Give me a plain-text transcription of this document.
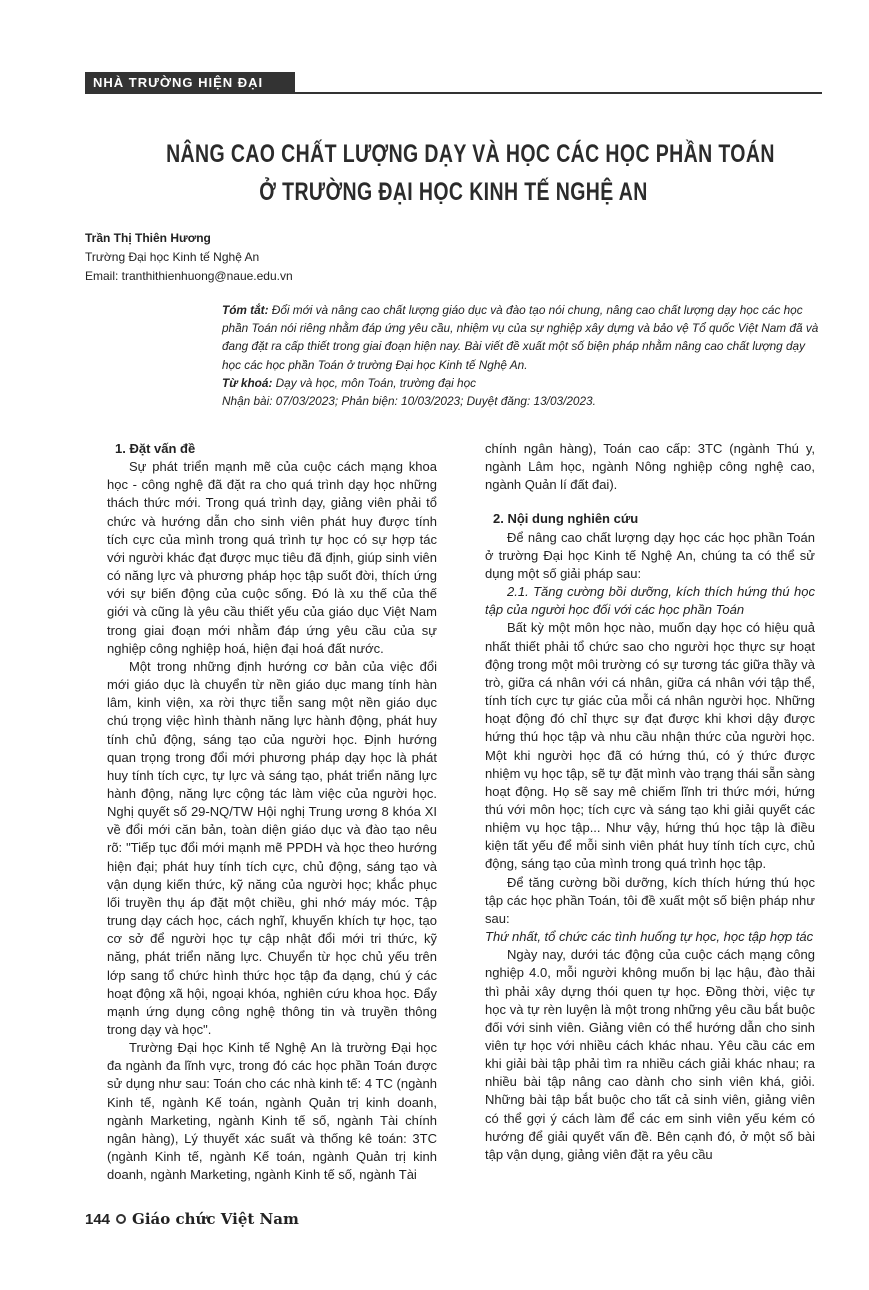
NHÀ TRƯỜNG HIỆN ĐẠI
NÂNG CAO CHẤT LƯỢNG DẠY VÀ HỌC CÁC HỌC PHẦN TOÁN
Ở TRƯỜNG ĐẠI HỌC KINH TẾ NGHỆ AN
Trần Thị Thiên Hương
Trường Đại học Kinh tế Nghệ An
Email: tranthithienhuong@naue.edu.vn
Tóm tắt: Đổi mới và nâng cao chất lượng giáo dục và đào tạo nói chung, nâng cao chất lượng dạy học các học phần Toán nói riêng nhằm đáp ứng yêu cầu, nhiệm vụ của sự nghiệp xây dựng và bảo vệ Tổ quốc Việt Nam đã và đang đặt ra cấp thiết trong giai đoạn hiện nay. Bài viết đề xuất một số biện pháp nhằm nâng cao chất lượng dạy học các học phần Toán ở trường Đại học Kinh tế Nghệ An.
Từ khoá: Dạy và học, môn Toán, trường đại học
Nhận bài: 07/03/2023; Phản biện: 10/03/2023; Duyệt đăng: 13/03/2023.

1. Đặt vấn đề

Sự phát triển mạnh mẽ của cuộc cách mạng khoa học - công nghệ đã đặt ra cho quá trình dạy học những thách thức mới. Trong quá trình dạy, giảng viên phải tổ chức và hướng dẫn cho sinh viên phát huy được tính tích cực của mình trong quá trình tự học có sự hợp tác với người khác đạt được mục tiêu đã định, giúp sinh viên có năng lực và phương pháp học tập suốt đời, thích ứng với sự biến động của cuộc sống. Đó là xu thế của thế giới và cũng là yêu cầu thiết yếu của giáo dục Việt Nam trong giai đoạn mới nhằm đáp ứng yêu cầu của sự nghiệp công nghiệp hoá, hiện đại hoá đất nước.

Một trong những định hướng cơ bản của việc đổi mới giáo dục là chuyển từ nền giáo dục mang tính hàn lâm, kinh viện, xa rời thực tiễn sang một nền giáo dục chú trọng việc hình thành năng lực hành động, phát huy tính chủ động, sáng tạo của người học. Định hướng quan trọng trong đổi mới phương pháp dạy học là phát huy tính tích cực, tự lực và sáng tạo, phát triển năng lực hành động, năng lực cộng tác làm việc của người học. Nghị quyết số 29-NQ/TW Hội nghị Trung ương 8 khóa XI về đổi mới căn bản, toàn diện giáo dục và đào tạo nêu rõ: "Tiếp tục đổi mới mạnh mẽ PPDH và học theo hướng hiện đại; phát huy tính tích cực, chủ động, sáng tạo và vận dụng kiến thức, kỹ năng của người học; khắc phục lối truyền thụ áp đặt một chiều, ghi nhớ máy móc. Tập trung dạy cách học, cách nghĩ, khuyến khích tự học, tạo cơ sở để người học tự cập nhật đổi mới tri thức, kỹ năng, phát triển năng lực. Chuyển từ học chủ yếu trên lớp sang tổ chức hình thức học tập đa dạng, chú ý các hoạt động xã hội, ngoại khóa, nghiên cứu khoa học. Đẩy mạnh ứng dụng công nghệ thông tin và truyền thông trong dạy và học".

Trường Đại học Kinh tế Nghệ An là trường Đại học đa ngành đa lĩnh vực, trong đó các học phần Toán được sử dụng như sau: Toán cho các nhà kinh tế: 4 TC (ngành Kinh tế, ngành Kế toán, ngành Quản trị kinh doanh, ngành Marketing, ngành Kinh tế số, ngành Tài chính ngân hàng), Lý thuyết xác suất và thống kê toán: 3TC (ngành Kinh tế, ngành Kế toán, ngành Quản trị kinh doanh, ngành Marketing, ngành Kinh tế số, ngành Tài

chính ngân hàng), Toán cao cấp: 3TC (ngành Thú y, ngành Lâm học, ngành Nông nghiệp công nghệ cao, ngành Quản lí đất đai).

2. Nội dung nghiên cứu

Để nâng cao chất lượng dạy học các học phần Toán ở trường Đại học Kinh tế Nghệ An, chúng ta có thể sử dụng một số giải pháp sau:

2.1. Tăng cường bồi dưỡng, kích thích hứng thú học tập của người học đối với các học phần Toán

Bất kỳ một môn học nào, muốn dạy học có hiệu quả nhất thiết phải tổ chức sao cho người học thực sự hoạt động trong một môi trường có sự tương tác giữa thầy và trò, giữa cá nhân với cá nhân, giữa cá nhân với tập thể, tính tích cực tự giác của mỗi cá nhân người học. Những hoạt động đó chỉ thực sự đạt được khi khơi dậy được hứng thú học tập và nhu cầu nhận thức của người học. Một khi người học đã có hứng thú, có ý thức được nhiệm vụ học tập, sẽ tự đặt mình vào trạng thái sẵn sàng hoạt động. Họ sẽ say mê chiếm lĩnh tri thức mới, hứng thú với môn học; tích cực và sáng tạo khi giải quyết các nhiệm vụ học tập... Như vậy, hứng thú học tập là điều kiện tất yếu để mỗi sinh viên phát huy tính tích cực, chủ động, sáng tạo của mình trong quá trình học tập.

Để tăng cường bồi dưỡng, kích thích hứng thú học tập các học phần Toán, tôi đề xuất một số biện pháp như sau:

Thứ nhất, tổ chức các tình huống tự học, học tập hợp tác

Ngày nay, dưới tác động của cuộc cách mạng công nghiệp 4.0, mỗi người không muốn bị lạc hậu, đào thải thì phải xây dựng thói quen tự học. Đồng thời, việc tự học và tự rèn luyện là một trong những yêu cầu bắt buộc đối với sinh viên. Giảng viên có thể hướng dẫn cho sinh viên tự học với nhiều cách khác nhau. Yêu cầu các em khi giải bài tập phải tìm ra nhiều cách giải khác nhau; ra nhiều bài tập nâng cao dành cho sinh viên khá, giỏi. Những bài tập bắt buộc cho tất cả sinh viên, giảng viên có thể gợi ý cách làm để các em sinh viên yếu kém có hướng để giải quyết vấn đề. Bên cạnh đó, ở một số bài tập vận dụng, giảng viên đặt ra yêu cầu

144 Giáo chức Việt Nam
